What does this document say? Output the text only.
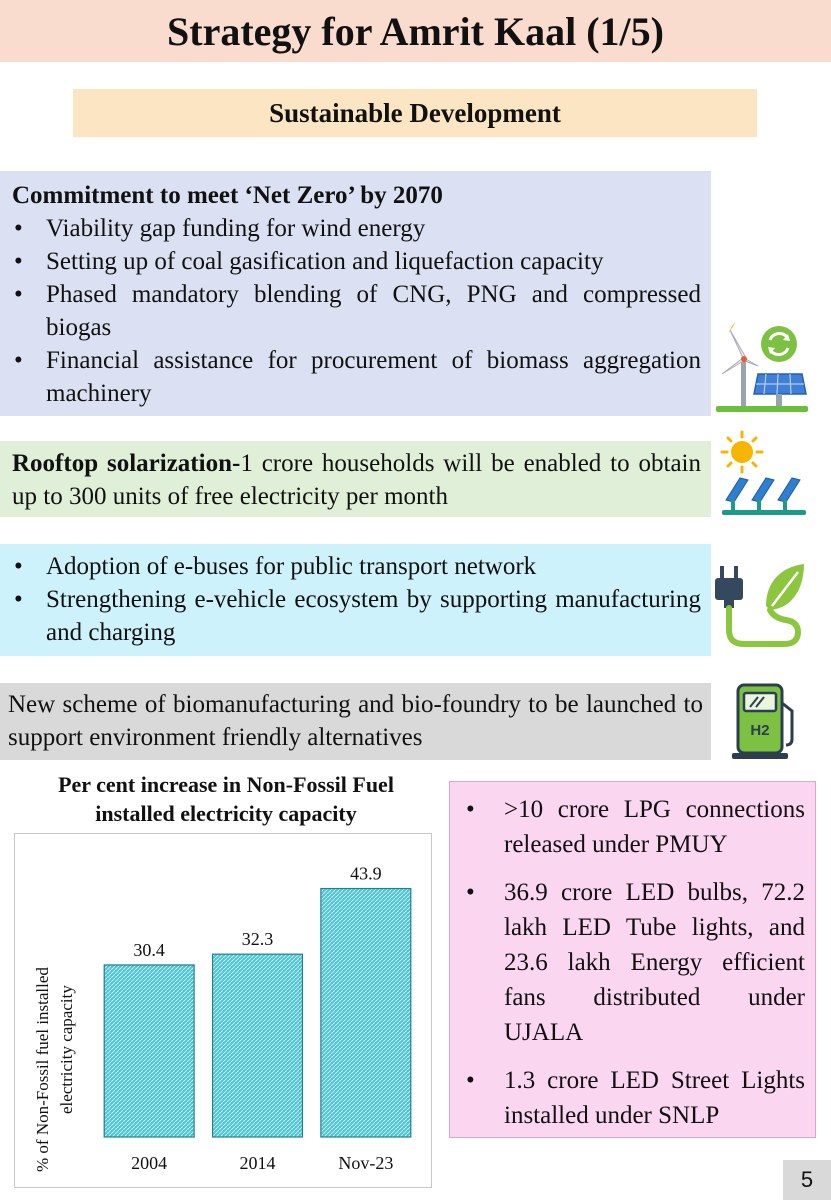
Strategy for Amrit Kaal (1/5)
Sustainable Development
Commitment to meet ‘Net Zero’ by 2070
• Viability gap funding for wind energy
• Setting up of coal gasification and liquefaction capacity
• Phased mandatory blending of CNG, PNG and compressed biogas
• Financial assistance for procurement of biomass aggregation machinery
Rooftop solarization-1 crore households will be enabled to obtain up to 300 units of free electricity per month
• Adoption of e-buses for public transport network
• Strengthening e-vehicle ecosystem by supporting manufacturing and charging
New scheme of biomanufacturing and bio-foundry to be launched to support environment friendly alternatives	H2
Per cent increase in Non-Fossil Fuel installed electricity capacity
% of Non-Fossil fuel installed electricity capacity
30.4
2004
32.3
2014
43.9
Nov-23
• >10 crore LPG connections released under PMUY
• 36.9 crore LED bulbs, 72.2 lakh LED Tube lights, and 23.6 lakh Energy efficient fans distributed under UJALA
• 1.3 crore LED Street Lights installed under SNLP
5
